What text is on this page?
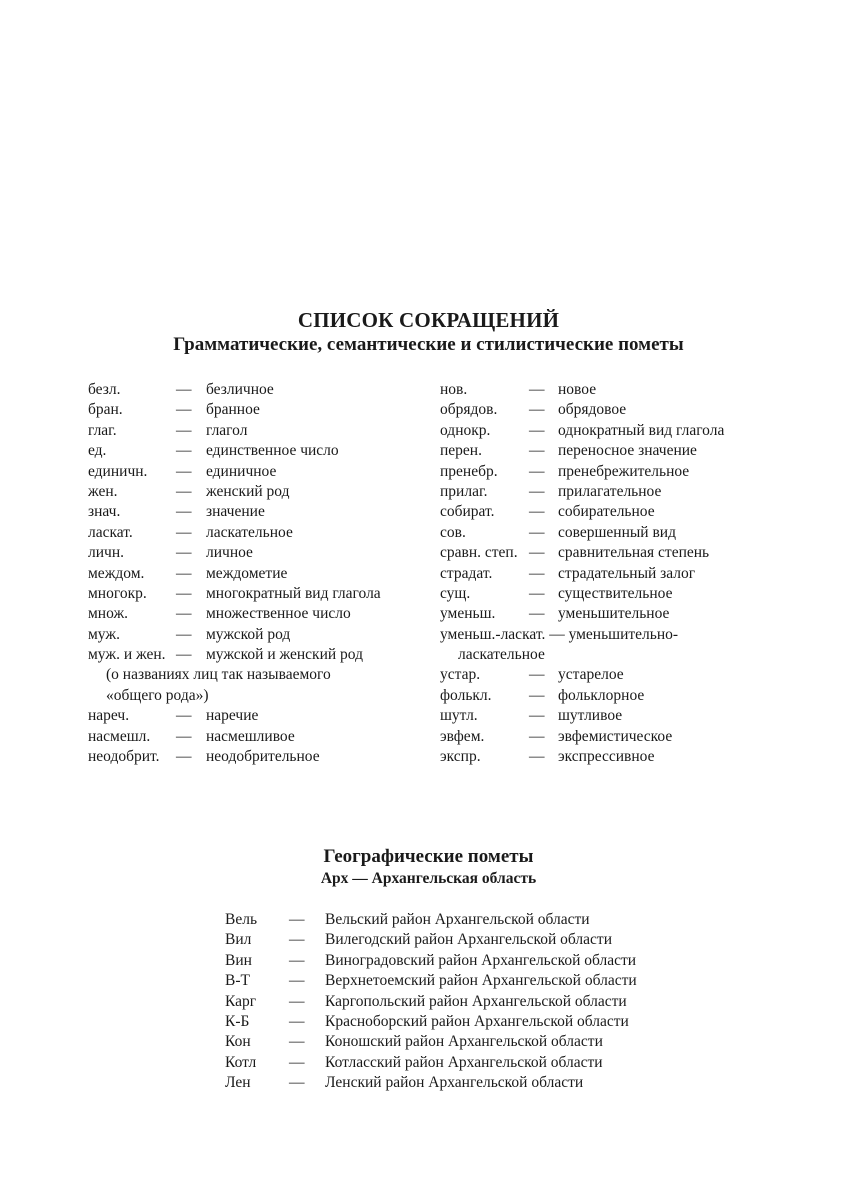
СПИСОК СОКРАЩЕНИЙ
Грамматические, семантические и стилистические пометы
безл.	— безличное
бран.	— бранное
глаг.	— глагол
ед.	— единственное число
единичн. — единичное
жен.	— женский род
знач.	— значение
ласкат.	— ласкательное
личн.	— личное
междом. — междометие
многокр. — многократный вид глагола
множ.	— множественное число
муж.	— мужской род
муж. и жен. — мужской и женский род
(о названиях лиц так называемого
«общего рода»)
нареч.	— наречие
насмешл. — насмешливое
неодобрит. — неодобрительное
нов.	— новое
обрядов. — обрядовое
однокр. — однократный вид глагола
перен.	— переносное значение
пренебр. — пренебрежительное
прилаг.	— прилагательное
собират. — собирательное
сов.	— совершенный вид
сравн. степ. — сравнительная степень
страдат. — страдательный залог
сущ.	— существительное
уменьш. — уменьшительное
уменьш.-ласкат. — уменьшительно-
ласкательное
устар.	— устарелое
фолькл. — фольклорное
шутл.	— шутливое
эвфем.	— эвфемистическое
экспр.	— экспрессивное
Географические пометы
Арх — Архангельская область
Вель — Вельский район Архангельской области
Вил — Вилегодский район Архангельской области
Вин — Виноградовский район Архангельской области
В-Т	— Верхнетоемский район Архангельской области
Карг — Каргопольский район Архангельской области
К-Б	— Красноборский район Архангельской области
Кон — Коношский район Архангельской области
Котл — Котласский район Архангельской области
Лен — Ленский район Архангельской области
